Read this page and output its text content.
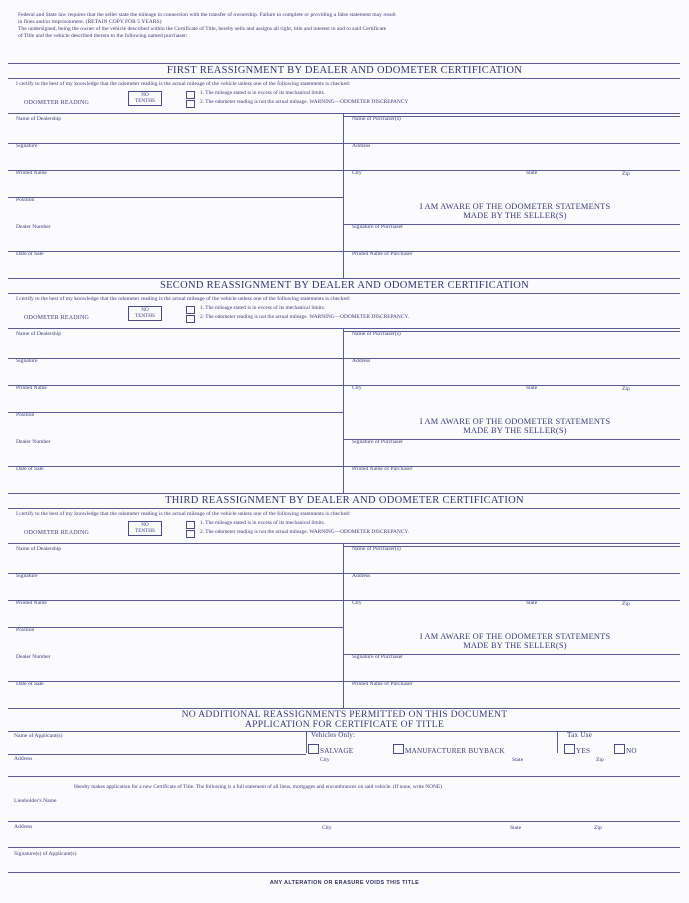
Federal and State law requires that the seller state the mileage in connection with the transfer of ownership. Failure to complete or providing a false statement may result
in fines and/or imprisonment. (RETAIN COPY FOR 5 YEARS)
The undersigned, being the owner of the vehicle described within the Certificate of Title, hereby sells and assigns all right, title and interest in and to said Certificate
of Title and the vehicle described therein to the following named purchaser:
FIRST REASSIGNMENT BY DEALER AND ODOMETER CERTIFICATION
I certify to the best of my knowledge that the odometer reading is the actual mileage of the vehicle unless one of the following statements is checked:
ODOMETER READING
NO
TENTHS
1. The mileage stated is in excess of its mechanical limits.
2. The odometer reading is not the actual mileage. WARNING—ODOMETER DISCREPANCY
Name of Dealership
Signature
Printed Name
Position
Dealer Number
Date of Sale
Name of Purchaser(s)
Address
City
Signature of Purchaser
Printed Name of Purchaser
State	Zip
I AM AWARE OF THE ODOMETER STATEMENTS
MADE BY THE SELLER(S)
SECOND REASSIGNMENT BY DEALER AND ODOMETER CERTIFICATION
I certify to the best of my knowledge that the odometer reading is the actual mileage of the vehicle unless one of the following statements is checked:
ODOMETER READING
NO
TENTHS
1. The mileage stated is in excess of its mechanical limits.
2. The odometer reading is not the actual mileage. WARNING—ODOMETER DISCREPANCY.
Name of Dealership
Signature
Printed Name
Position
Dealer Number
Date of Sale
Name of Purchaser(s)
Address
City
Signature of Purchaser
Printed Name of Purchaser
State	Zip
I AM AWARE OF THE ODOMETER STATEMENTS
MADE BY THE SELLER(S)
THIRD REASSIGNMENT BY DEALER AND ODOMETER CERTIFICATION
I certify to the best of my knowledge that the odometer reading is the actual mileage of the vehicle unless one of the following statements is checked:
ODOMETER READING
NO
TENTHS
1. The mileage stated is in excess of its mechanical limits.
2. The odometer reading is not the actual mileage. WARNING—ODOMETER DISCREPANCY.
Name of Dealership
Signature
Printed Name
Position
Dealer Number
Date of Sale
Name of Purchaser(s)
Address
City
Signature of Purchaser
Printed Name of Purchaser
State	Zip
I AM AWARE OF THE ODOMETER STATEMENTS
MADE BY THE SELLER(S)
NO ADDITIONAL REASSIGNMENTS PERMITTED ON THIS DOCUMENT
APPLICATION FOR CERTIFICATE OF TITLE
Name of Applicant(s)	Vehicles Only:
SALVAGE	MANUFACTURER BUYBACK
Tax Use
YES	NO
Address	City	State	Zip
Hereby makes application for a new Certificate of Title. The following is a full statement of all liens, mortgages and encumbrances on said vehicle. (If none, write NONE)
Lienholder's Name
Address	City	State	Zip
Signature(s) of Applicant(s)
ANY ALTERATION OR ERASURE VOIDS THIS TITLE
